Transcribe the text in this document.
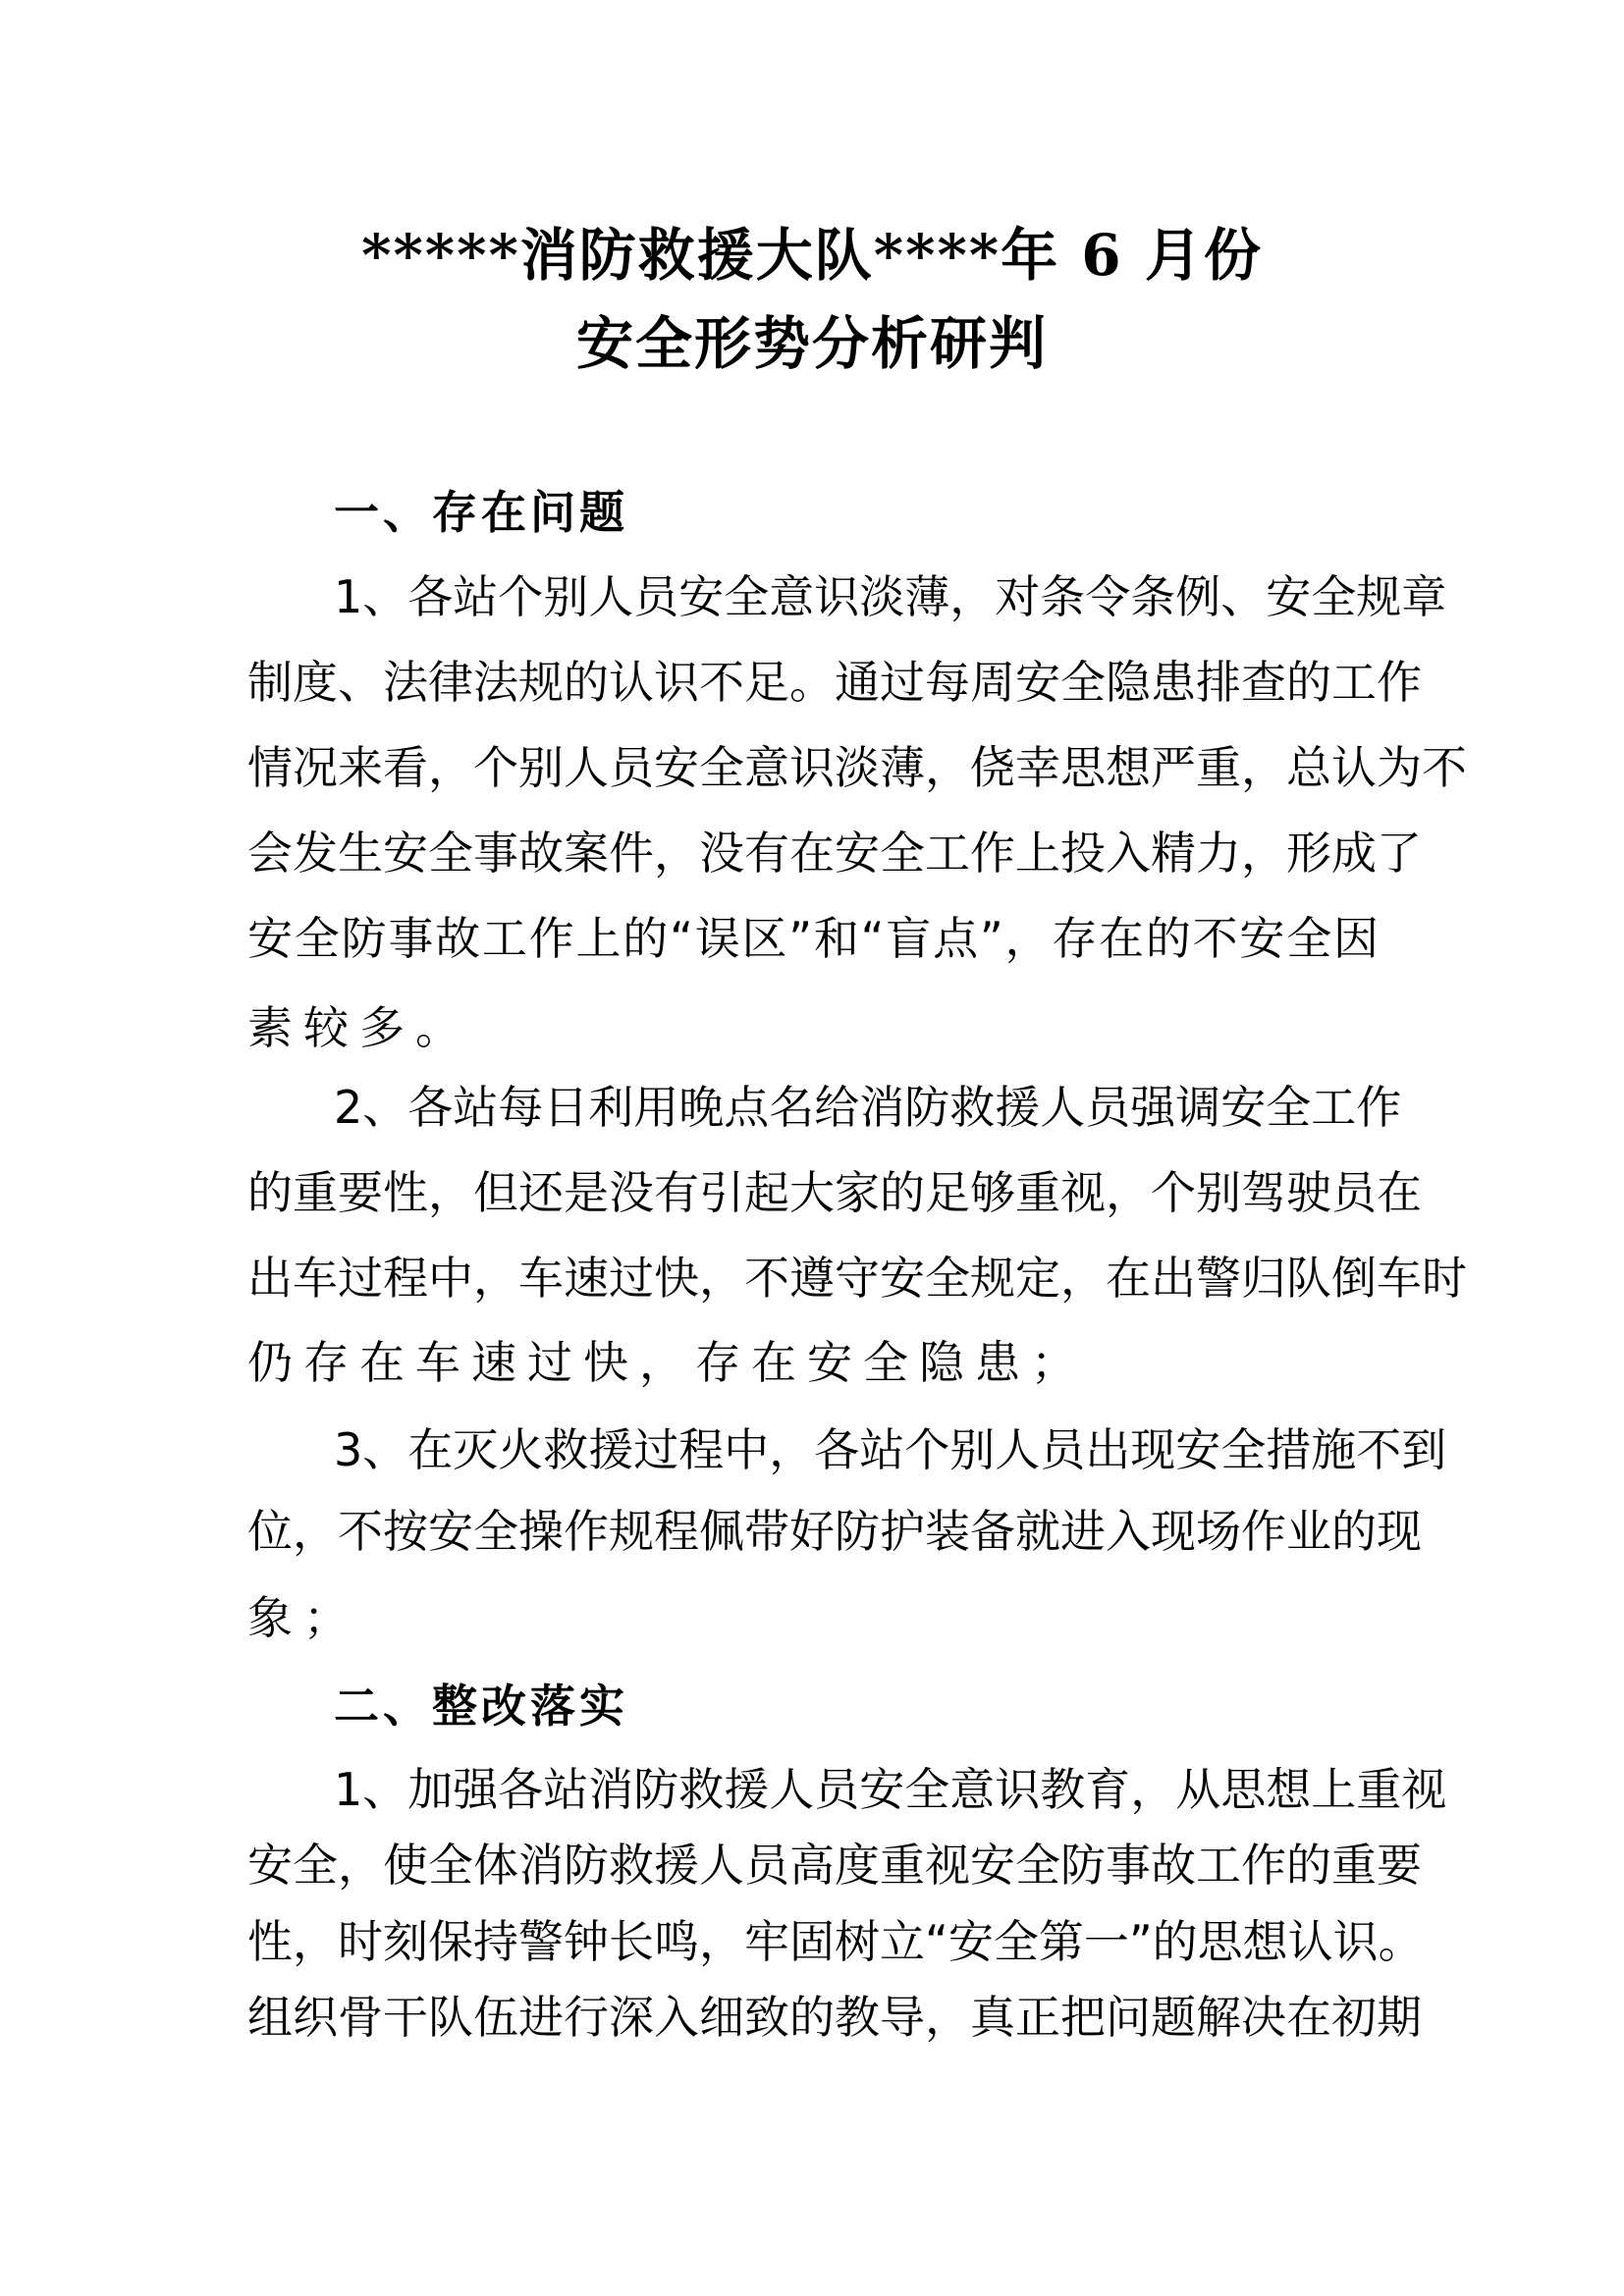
*****消防救援大队****年 6 月份
安全形势分析研判
一、存在问题
1、各站个别人员安全意识淡薄，对条令条例、安全规章
制度、法律法规的认识不足。通过每周安全隐患排查的工作
情况来看，个别人员安全意识淡薄，侥幸思想严重，总认为不
会发生安全事故案件，没有在安全工作上投入精力，形成了
安全防事故工作上的“误区”和“盲点”，存在的不安全因
素较多。
2、各站每日利用晚点名给消防救援人员强调安全工作
的重要性，但还是没有引起大家的足够重视，个别驾驶员在
出车过程中，车速过快，不遵守安全规定，在出警归队倒车时
仍存在车速过快，存在安全隐患；
3、在灭火救援过程中，各站个别人员出现安全措施不到
位，不按安全操作规程佩带好防护装备就进入现场作业的现
象；
二、整改落实
1、加强各站消防救援人员安全意识教育，从思想上重视
安全，使全体消防救援人员高度重视安全防事故工作的重要
性，时刻保持警钟长鸣，牢固树立“安全第一”的思想认识。
组织骨干队伍进行深入细致的教导，真正把问题解决在初期
